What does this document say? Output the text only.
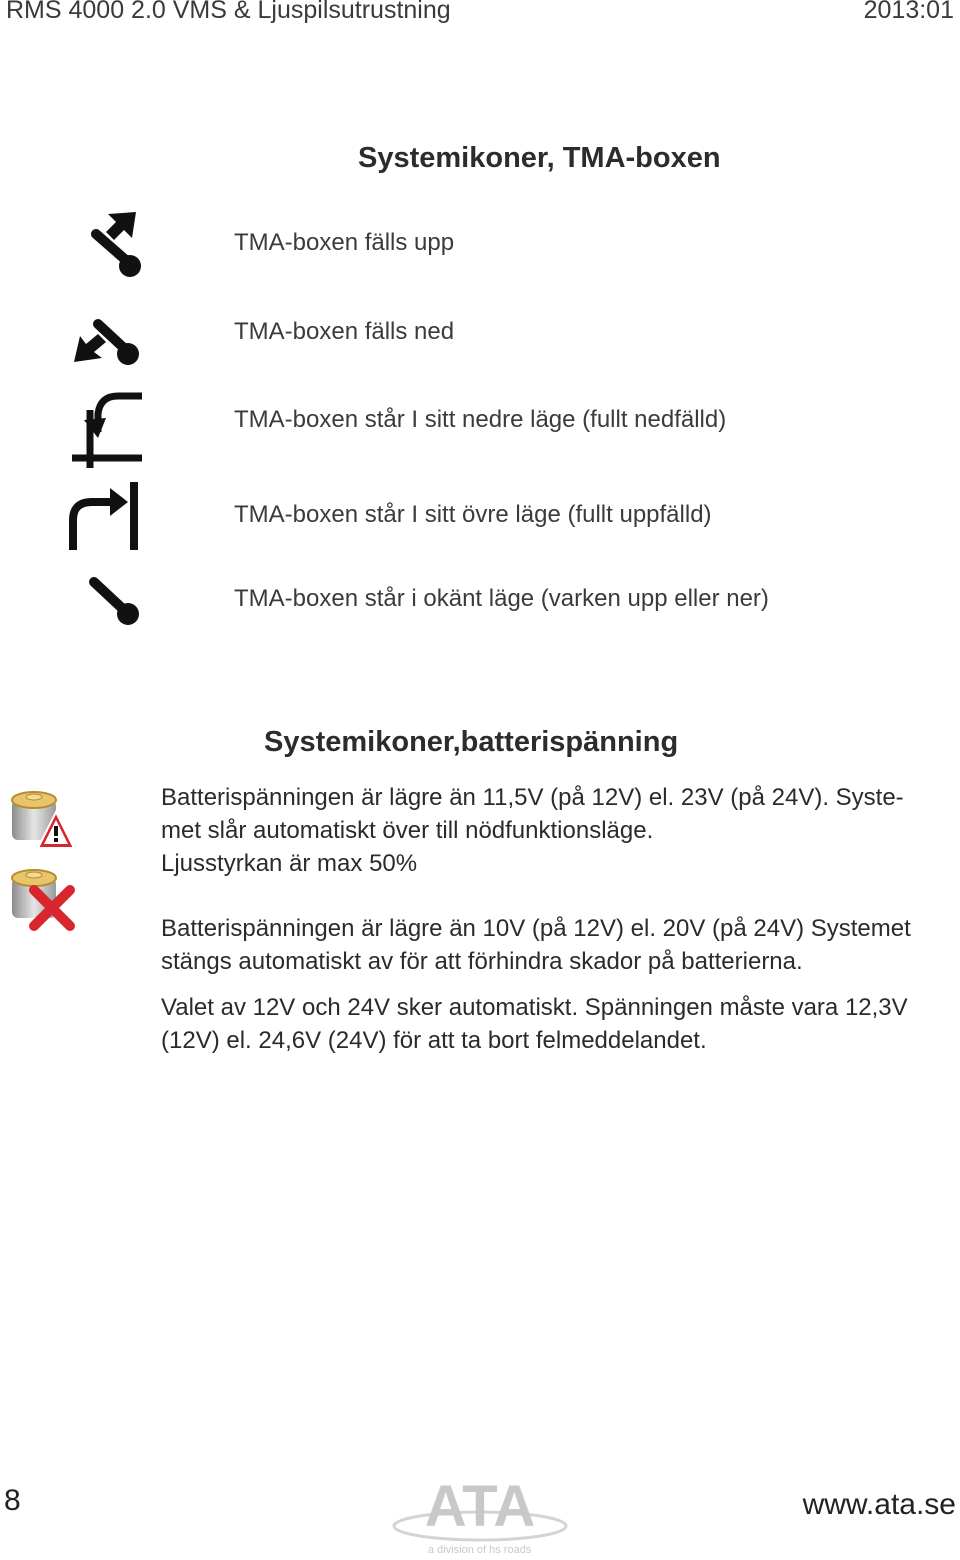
RMS 4000 2.0 VMS & Ljuspilsutrustning	2013:01
Systemikoner, TMA-boxen
TMA-boxen fälls upp
TMA-boxen fälls ned
TMA-boxen står I sitt nedre läge (fullt nedfälld)
TMA-boxen står I sitt övre läge (fullt uppfälld)
TMA-boxen står i okänt läge (varken upp eller ner)
Systemikoner,batterispänning
Batterispänningen är lägre än 11,5V (på 12V) el. 23V (på 24V). Syste-
met slår automatiskt över till nödfunktionsläge.
Ljusstyrkan är max 50%
Batterispänningen är lägre än 10V (på 12V) el. 20V (på 24V) Systemet
stängs automatiskt av för att förhindra skador på batterierna.
Valet av 12V och 24V sker automatiskt. Spänningen måste vara 12,3V
(12V) el. 24,6V (24V) för att ta bort felmeddelandet.
8	ATA
a division of hs roads
www.ata.se
